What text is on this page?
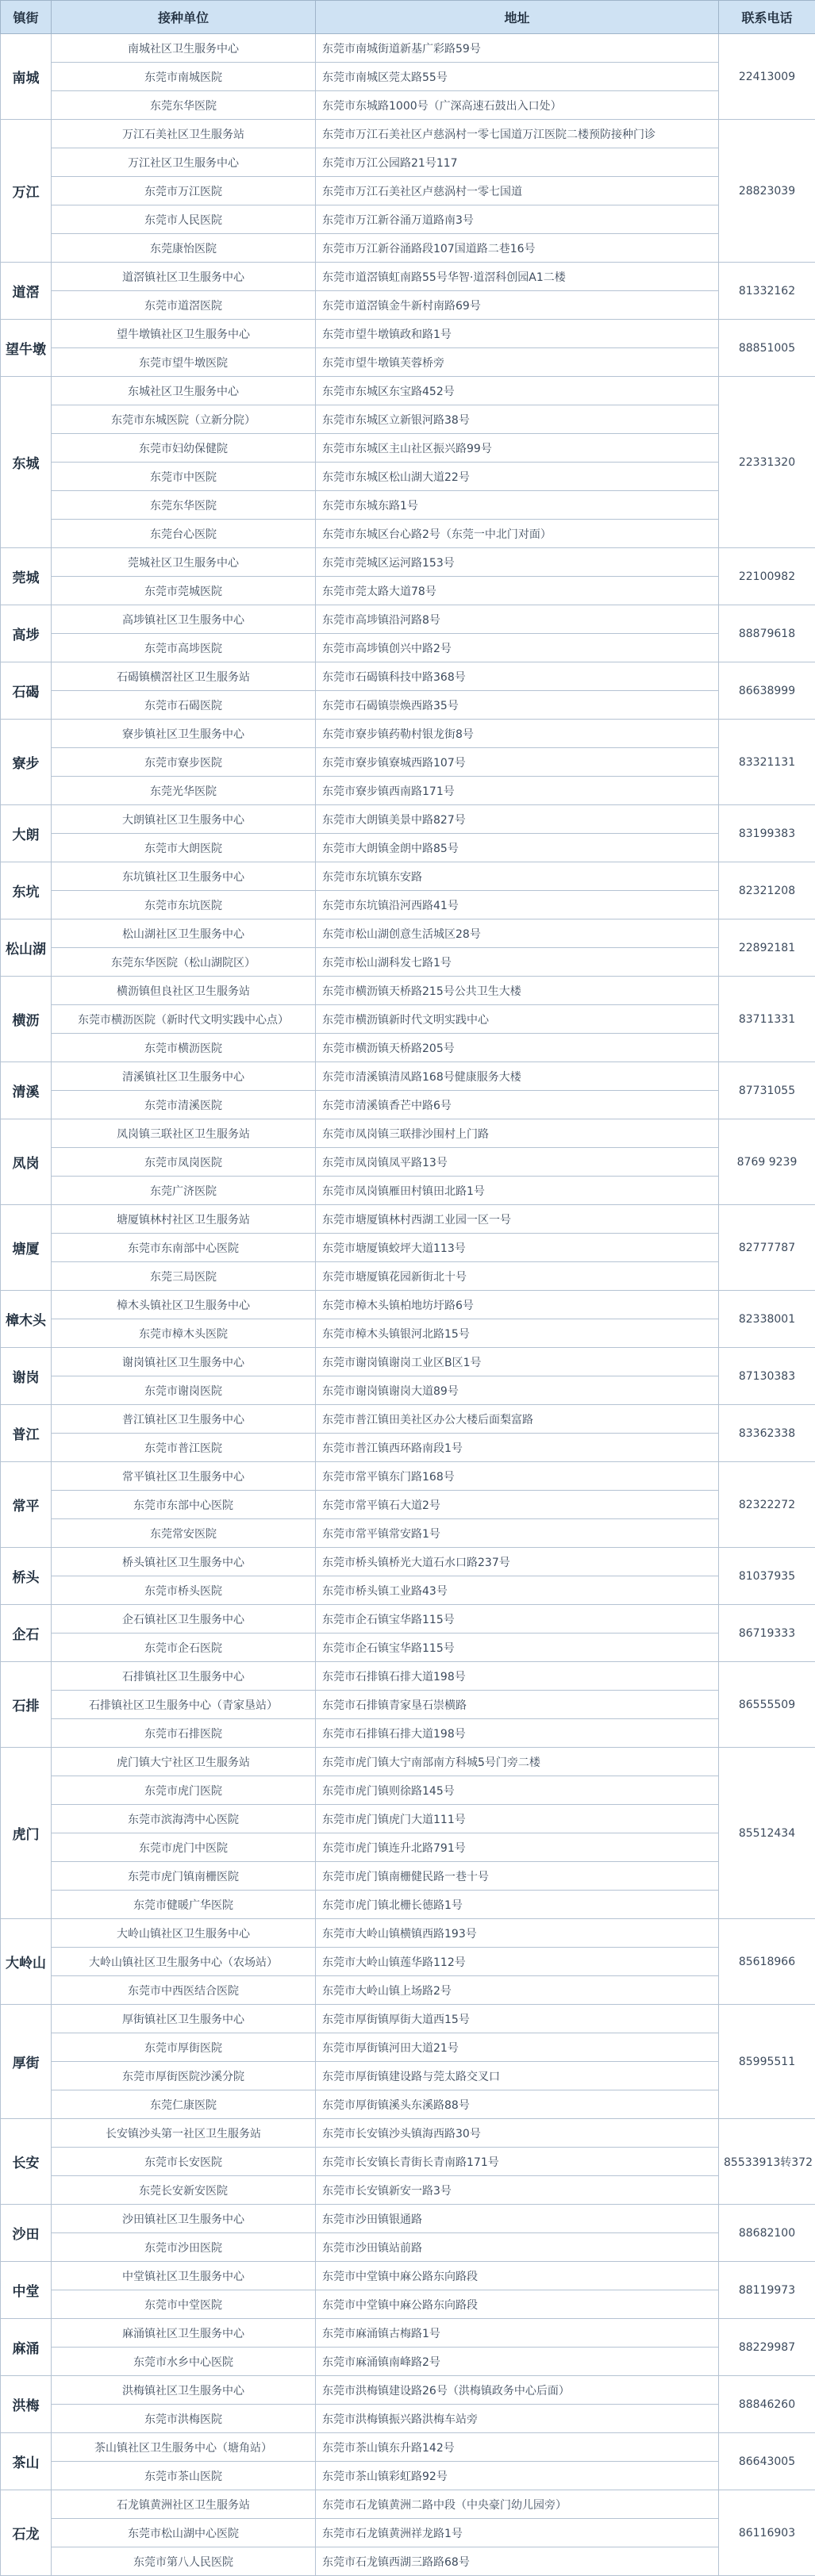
镇街	接种单位	地址	联系电话
南城	南城社区卫生服务中心	东莞市南城街道新基广彩路59号	22413009
	东莞市南城医院	东莞市南城区莞太路55号	
	东莞东华医院	东莞市东城路1000号（广深高速石鼓出入口处）	
万江	万江石美社区卫生服务站	东莞市万江石美社区卢慈涡村一零七国道万江医院二楼预防接种门诊	28823039
	万江社区卫生服务中心	东莞市万江公园路21号117	
	东莞市万江医院	东莞市万江石美社区卢慈涡村一零七国道	
	东莞市人民医院	东莞市万江新谷涌万道路南3号	
	东莞康怡医院	东莞市万江新谷涌路段107国道路二巷16号	
道滘	道滘镇社区卫生服务中心	东莞市道滘镇虹南路55号华智·道滘科创园A1二楼	81332162
	东莞市道滘医院	东莞市道滘镇金牛新村南路69号	
望牛墩	望牛墩镇社区卫生服务中心	东莞市望牛墩镇政和路1号	88851005
	东莞市望牛墩医院	东莞市望牛墩镇芙蓉桥旁	
东城	东城社区卫生服务中心	东莞市东城区东宝路452号	22331320
	东莞市东城医院（立新分院）	东莞市东城区立新银河路38号	
	东莞市妇幼保健院	东莞市东城区主山社区振兴路99号	
	东莞市中医院	东莞市东城区松山湖大道22号	
	东莞东华医院	东莞市东城东路1号	
	东莞台心医院	东莞市东城区台心路2号（东莞一中北门对面）	
莞城	莞城社区卫生服务中心	东莞市莞城区运河路153号	22100982
	东莞市莞城医院	东莞市莞太路大道78号	
高埗	高埗镇社区卫生服务中心	东莞市高埗镇沿河路8号	88879618
	东莞市高埗医院	东莞市高埗镇创兴中路2号	
石碣	石碣镇横滘社区卫生服务站	东莞市石碣镇科技中路368号	86638999
	东莞市石碣医院	东莞市石碣镇崇焕西路35号	
寮步	寮步镇社区卫生服务中心	东莞市寮步镇药勒村银龙街8号	83321131
	东莞市寮步医院	东莞市寮步镇寮城西路107号	
	东莞光华医院	东莞市寮步镇西南路171号	
大朗	大朗镇社区卫生服务中心	东莞市大朗镇美景中路827号	83199383
	东莞市大朗医院	东莞市大朗镇金朗中路85号	
东坑	东坑镇社区卫生服务中心	东莞市东坑镇东安路	82321208
	东莞市东坑医院	东莞市东坑镇沿河西路41号	
松山湖	松山湖社区卫生服务中心	东莞市松山湖创意生活城区28号	22892181
	东莞东华医院（松山湖院区）	东莞市松山湖科发七路1号	
横沥	横沥镇但良社区卫生服务站	东莞市横沥镇天桥路215号公共卫生大楼	83711331
	东莞市横沥医院（新时代文明实践中心点）	东莞市横沥镇新时代文明实践中心	
	东莞市横沥医院	东莞市横沥镇天桥路205号	
清溪	清溪镇社区卫生服务中心	东莞市清溪镇清凤路168号健康服务大楼	87731055
	东莞市清溪医院	东莞市清溪镇香芒中路6号	
凤岗	凤岗镇三联社区卫生服务站	东莞市凤岗镇三联排沙围村上门路	8769 9239
	东莞市凤岗医院	东莞市凤岗镇凤平路13号	
	东莞广济医院	东莞市凤岗镇雁田村镇田北路1号	
塘厦	塘厦镇林村社区卫生服务站	东莞市塘厦镇林村西湖工业园一区一号	82777787
	东莞市东南部中心医院	东莞市塘厦镇蛟坪大道113号	
	东莞三局医院	东莞市塘厦镇花园新街北十号	
樟木头	樟木头镇社区卫生服务中心	东莞市樟木头镇柏地坊圩路6号	82338001
	东莞市樟木头医院	东莞市樟木头镇银河北路15号	
谢岗	谢岗镇社区卫生服务中心	东莞市谢岗镇谢岗工业区B区1号	87130383
	东莞市谢岗医院	东莞市谢岗镇谢岗大道89号	
普江	普江镇社区卫生服务中心	东莞市普江镇田美社区办公大楼后面梨富路	83362338
	东莞市普江医院	东莞市普江镇西环路南段1号	
常平	常平镇社区卫生服务中心	东莞市常平镇东门路168号	82322272
	东莞市东部中心医院	东莞市常平镇石大道2号	
	东莞常安医院	东莞市常平镇常安路1号	
桥头	桥头镇社区卫生服务中心	东莞市桥头镇桥光大道石水口路237号	81037935
	东莞市桥头医院	东莞市桥头镇工业路43号	
企石	企石镇社区卫生服务中心	东莞市企石镇宝华路115号	86719333
	东莞市企石医院	东莞市企石镇宝华路115号	
石排	石排镇社区卫生服务中心	东莞市石排镇石排大道198号	86555509
	石排镇社区卫生服务中心（青家垦站）	东莞市石排镇青家垦石崇横路	
	东莞市石排医院	东莞市石排镇石排大道198号	
虎门	虎门镇大宁社区卫生服务站	东莞市虎门镇大宁南部南方科城5号门旁二楼	85512434
	东莞市虎门医院	东莞市虎门镇则徐路145号	
	东莞市滨海湾中心医院	东莞市虎门镇虎门大道111号	
	东莞市虎门中医院	东莞市虎门镇连升北路791号	
	东莞市虎门镇南栅医院	东莞市虎门镇南栅健民路一巷十号	
	东莞市健暖广华医院	东莞市虎门镇北栅长德路1号	
大岭山	大岭山镇社区卫生服务中心	东莞市大岭山镇横镇西路193号	85618966
	大岭山镇社区卫生服务中心（农场站）	东莞市大岭山镇莲华路112号	
	东莞市中西医结合医院	东莞市大岭山镇上场路2号	
厚街	厚街镇社区卫生服务中心	东莞市厚街镇厚街大道西15号	85995511
	东莞市厚街医院	东莞市厚街镇河田大道21号	
	东莞市厚街医院沙溪分院	东莞市厚街镇建设路与莞太路交叉口	
	东莞仁康医院	东莞市厚街镇溪头东溪路88号	
长安	长安镇沙头第一社区卫生服务站	东莞市长安镇沙头镇海西路30号	85533913转372
	东莞市长安医院	东莞市长安镇长青街长青南路171号	
	东莞长安新安医院	东莞市长安镇新安一路3号	
沙田	沙田镇社区卫生服务中心	东莞市沙田镇银通路	88682100
	东莞市沙田医院	东莞市沙田镇站前路	
中堂	中堂镇社区卫生服务中心	东莞市中堂镇中麻公路东向路段	88119973
	东莞市中堂医院	东莞市中堂镇中麻公路东向路段	
麻涌	麻涌镇社区卫生服务中心	东莞市麻涌镇古梅路1号	88229987
	东莞市水乡中心医院	东莞市麻涌镇南峰路2号	
洪梅	洪梅镇社区卫生服务中心	东莞市洪梅镇建设路26号（洪梅镇政务中心后面）	88846260
	东莞市洪梅医院	东莞市洪梅镇振兴路洪梅车站旁	
茶山	茶山镇社区卫生服务中心（塘角站）	东莞市茶山镇东升路142号	86643005
	东莞市茶山医院	东莞市茶山镇彩虹路92号	
石龙	石龙镇黄洲社区卫生服务站	东莞市石龙镇黄洲二路中段（中央豪门幼儿园旁）	86116903
	东莞市松山湖中心医院	东莞市石龙镇黄洲祥龙路1号	
	东莞市第八人民医院	东莞市石龙镇西湖三路路68号	
